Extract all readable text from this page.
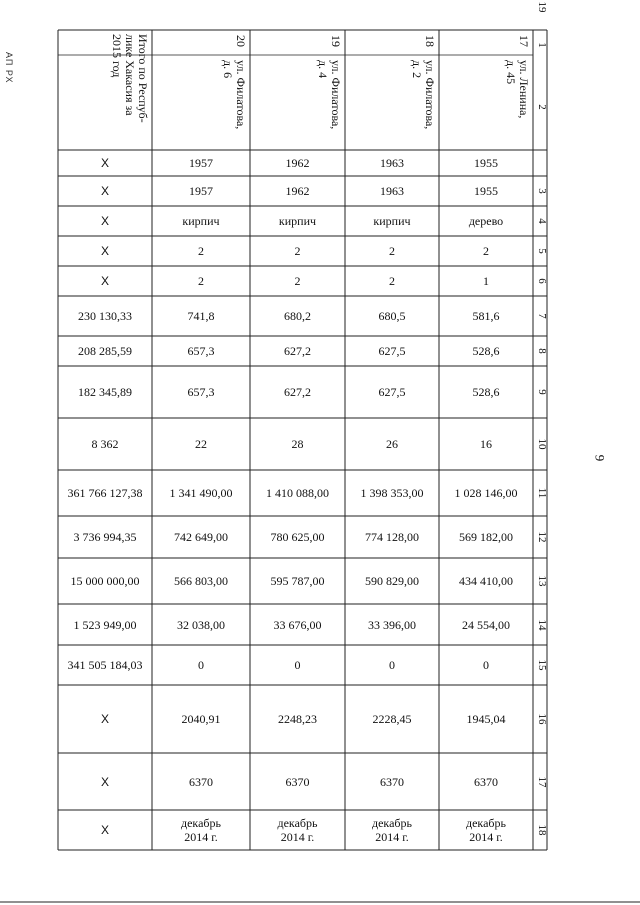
АП РХ
9
1
2
3
4
5
6
7
8
9
10
11
12
13
14
15
16
17
18
19
17
ул. Ленина,
д. 45
1955
1955
дерево
2
1
581,6
528,6
528,6
16
1 028 146,00
569 182,00
434 410,00
24 554,00
0
1945,04
6370
декабрь
2014 г.
18
ул. Филатова,
д. 2
1963
1963
кирпич
2
2
680,5
627,5
627,5
26
1 398 353,00
774 128,00
590 829,00
33 396,00
0
2228,45
6370
декабрь
2014 г.
19
ул. Филатова,
д. 4
1962
1962
кирпич
2
2
680,2
627,2
627,2
28
1 410 088,00
780 625,00
595 787,00
33 676,00
0
2248,23
6370
декабрь
2014 г.
20
ул. Филатова,
д. 6
1957
1957
кирпич
2
2
741,8
657,3
657,3
22
1 341 490,00
742 649,00
566 803,00
32 038,00
0
2040,91
6370
декабрь
2014 г.
Итого по Респуб-
лике Хакасия за
2015 год
Х
Х
Х
Х
Х
230 130,33
208 285,59
182 345,89
8 362
361 766 127,38
3 736 994,35
15 000 000,00
1 523 949,00
341 505 184,03
Х
Х
Х
